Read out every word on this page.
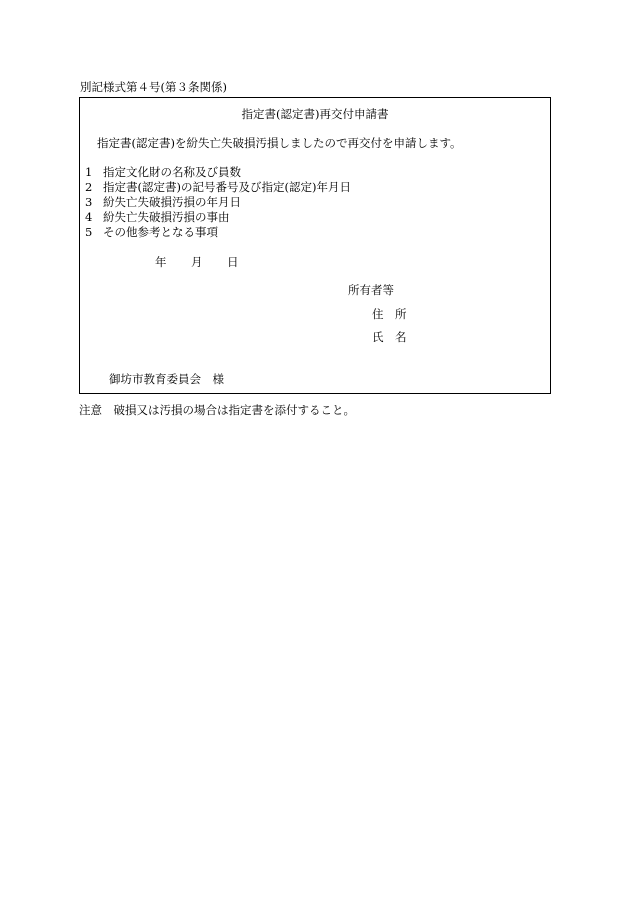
別記様式第４号(第３条関係)
指定書(認定書)再交付申請書
指定書(認定書)を紛失亡失破損汚損しましたので再交付を申請します。
1 指定文化財の名称及び員数
2 指定書(認定書)の記号番号及び指定(認定)年月日
3 紛失亡失破損汚損の年月日
4 紛失亡失破損汚損の事由
5 その他参考となる事項
年	月	日
所有者等
住　所
氏　名
御坊市教育委員会　様
注意　破損又は汚損の場合は指定書を添付すること。
